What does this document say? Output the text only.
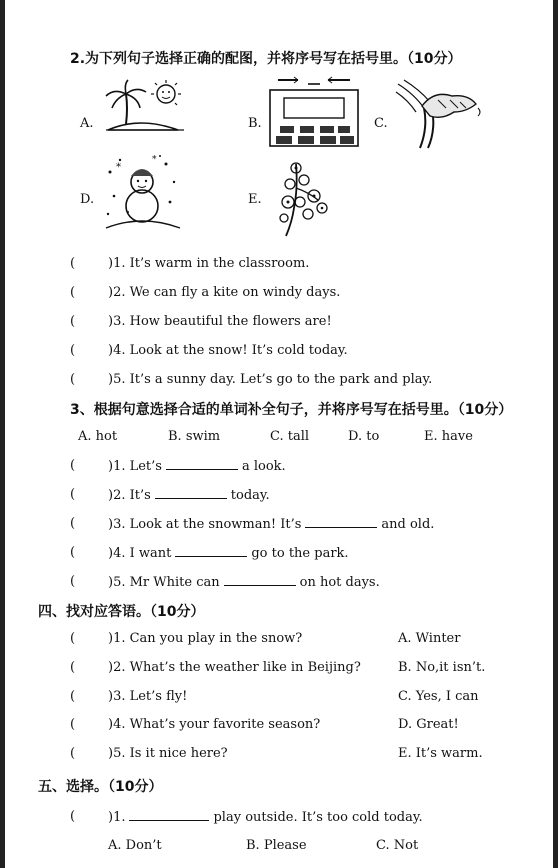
2.为下列句子选择正确的配图，并将序号写在括号里。（10分）
A.	B.	C.
D.
*
*
E.
(	)1. It’s warm in the classroom.
(	)2. We can fly a kite on windy days.
(	)3. How beautiful the flowers are!
(	)4. Look at the snow! It’s cold today.
(	)5. It’s a sunny day. Let’s go to the park and play.
3、根据句意选择合适的单词补全句子，并将序号写在括号里。（10分）
A. hot	B. swim	C. tall	D. to	E. have
(	)1. Let’s	a look.
(	)2. It’s	today.
(	)3. Look at the snowman! It’s	and old.
(	)4. I want	go to the park.
(	)5. Mr White can	on hot days.
四、找对应答语。（10分）
(	)1. Can you play in the snow?	A. Winter
(	)2. What’s the weather like in Beijing?	B. No,it isn’t.
(	)3. Let’s fly!	C. Yes, I can
(	)4. What’s your favorite season?	D. Great!
(	)5. Is it nice here?	E. It’s warm.
五、选择。（10分）
(	)1.	play outside. It’s too cold today.
A. Don’t	B. Please	C. Not
